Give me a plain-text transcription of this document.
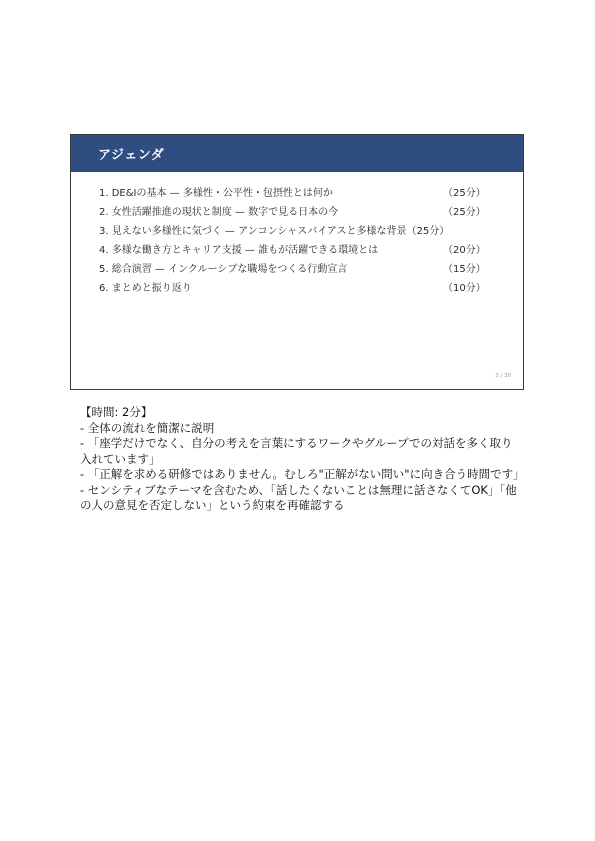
アジェンダ
1. DE&Iの基本 — 多様性・公平性・包摂性とは何か	（25分）
2. 女性活躍推進の現状と制度 — 数字で見る日本の今	（25分）
3. 見えない多様性に気づく — アンコンシャスバイアスと多様な背景（25分）
4. 多様な働き方とキャリア支援 — 誰もが活躍できる環境とは	（20分）
5. 総合演習 — インクルーシブな職場をつくる行動宣言	（15分）
6. まとめと振り返り	（10分）
3 / 30

【時間: 2分】

- 全体の流れを簡潔に説明

- 「座学だけでなく、自分の考えを言葉にするワークやグループでの対話を多く取り入れています」

- 「正解を求める研修ではありません。むしろ"正解がない問い"に向き合う時間です」

- センシティブなテーマを含むため、「話したくないことは無理に話さなくてOK」「他の人の意見を否定しない」という約束を再確認する
